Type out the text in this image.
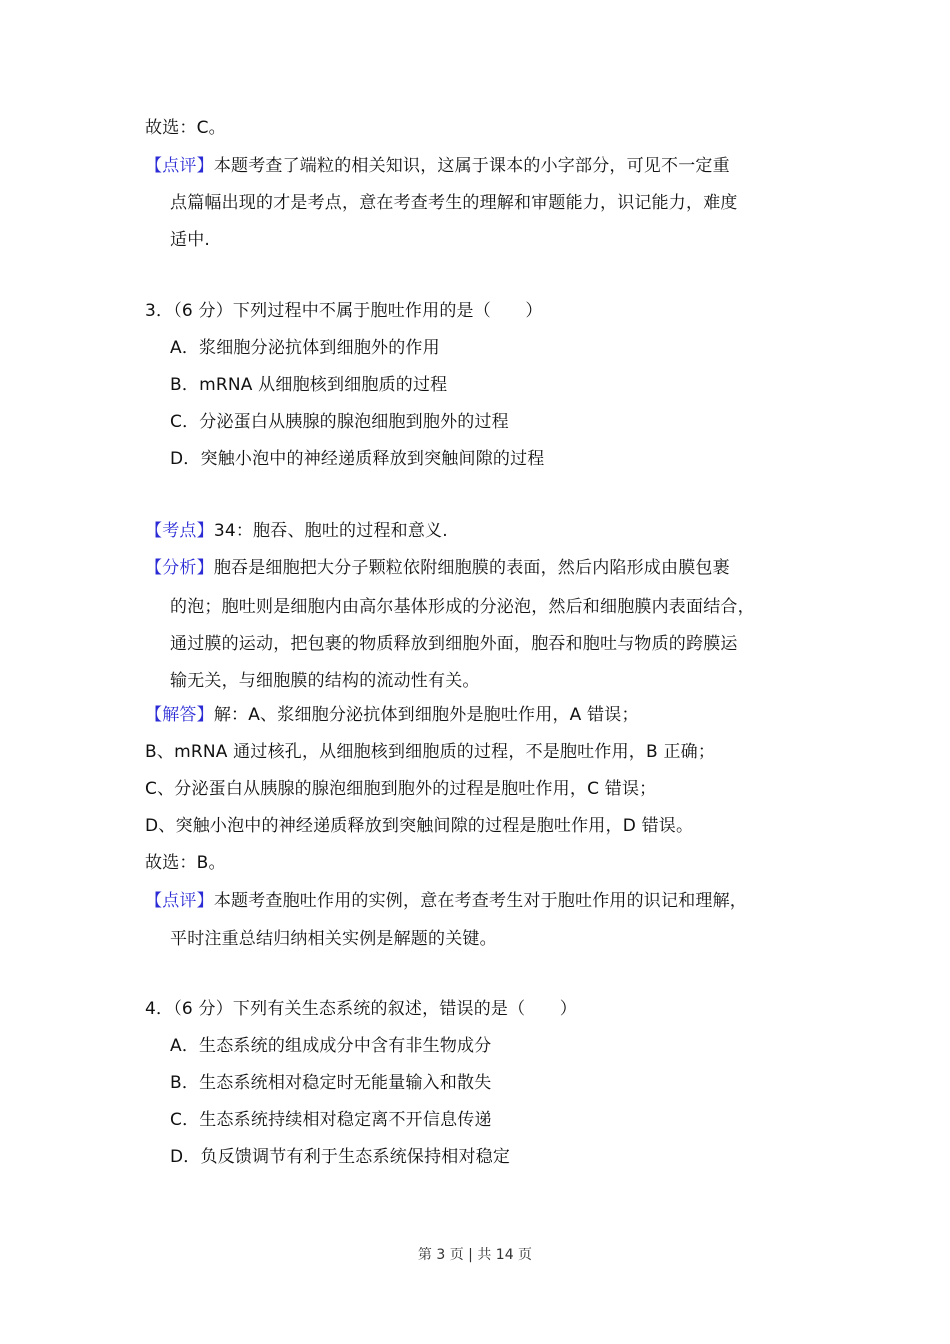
故选：C。
【点评】本题考查了端粒的相关知识，这属于课本的小字部分，可见不一定重
点篇幅出现的才是考点，意在考查考生的理解和审题能力，识记能力，难度
适中.
3．（6 分）下列过程中不属于胞吐作用的是（　　）
A．浆细胞分泌抗体到细胞外的作用
B．mRNA 从细胞核到细胞质的过程
C．分泌蛋白从胰腺的腺泡细胞到胞外的过程
D．突触小泡中的神经递质释放到突触间隙的过程
【考点】34：胞吞、胞吐的过程和意义.
【分析】胞吞是细胞把大分子颗粒依附细胞膜的表面，然后内陷形成由膜包裹
的泡；胞吐则是细胞内由高尔基体形成的分泌泡，然后和细胞膜内表面结合，
通过膜的运动，把包裹的物质释放到细胞外面，胞吞和胞吐与物质的跨膜运
输无关，与细胞膜的结构的流动性有关。
【解答】解：A、浆细胞分泌抗体到细胞外是胞吐作用，A 错误；
B、mRNA 通过核孔，从细胞核到细胞质的过程，不是胞吐作用，B 正确；
C、分泌蛋白从胰腺的腺泡细胞到胞外的过程是胞吐作用，C 错误；
D、突触小泡中的神经递质释放到突触间隙的过程是胞吐作用，D 错误。
故选：B。
【点评】本题考查胞吐作用的实例，意在考查考生对于胞吐作用的识记和理解，
平时注重总结归纳相关实例是解题的关键。
4．（6 分）下列有关生态系统的叙述，错误的是（　　）
A．生态系统的组成成分中含有非生物成分
B．生态系统相对稳定时无能量输入和散失
C．生态系统持续相对稳定离不开信息传递
D．负反馈调节有利于生态系统保持相对稳定
第 3 页 | 共 14 页
